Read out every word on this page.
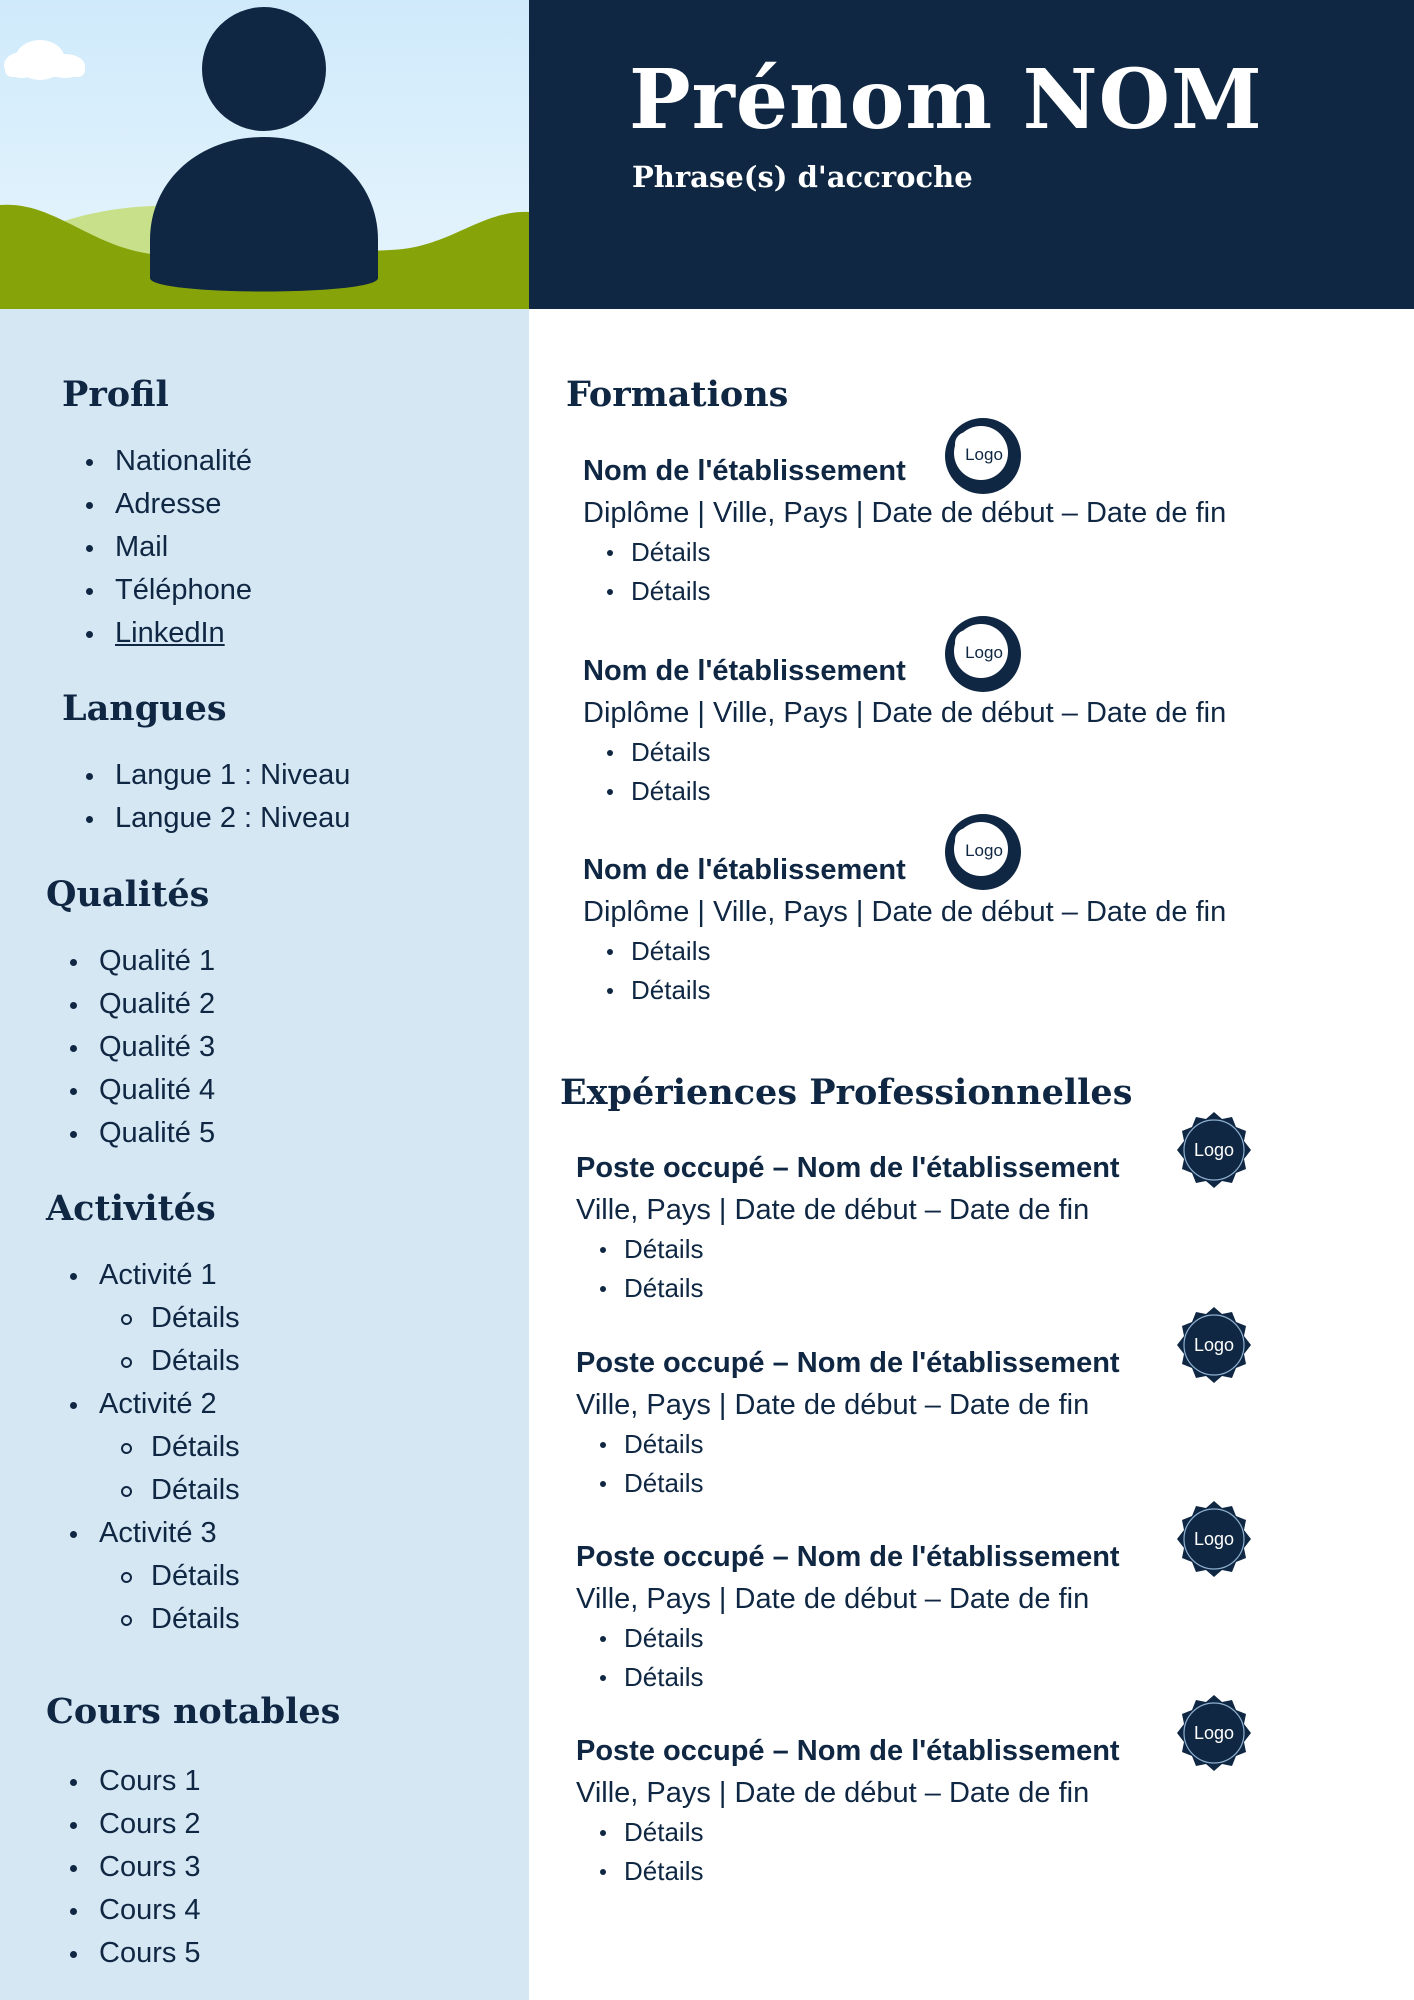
Prénom NOM

Phrase(s) d'accroche

Profil
Nationalité
Adresse
Mail
Téléphone
LinkedIn
Langues
Langue 1 : Niveau
Langue 2 : Niveau
Qualités
Qualité 1
Qualité 2
Qualité 3
Qualité 4
Qualité 5
Activités
Activité 1
Détails
Détails
Activité 2
Détails
Détails
Activité 3
Détails
Détails
Cours notables
Cours 1
Cours 2
Cours 3
Cours 4
Cours 5
Formations

Nom de l'établissement

Diplôme | Ville, Pays | Date de début – Date de fin

Détails
Détails
Logo

Nom de l'établissement

Diplôme | Ville, Pays | Date de début – Date de fin

Détails
Détails
Logo

Nom de l'établissement

Diplôme | Ville, Pays | Date de début – Date de fin

Détails
Détails
Logo
Expériences Professionnelles

Poste occupé – Nom de l'établissement

Ville, Pays | Date de début – Date de fin

Détails
Détails
Logo

Poste occupé – Nom de l'établissement

Ville, Pays | Date de début – Date de fin

Détails
Détails
Logo

Poste occupé – Nom de l'établissement

Ville, Pays | Date de début – Date de fin

Détails
Détails
Logo

Poste occupé – Nom de l'établissement

Ville, Pays | Date de début – Date de fin

Détails
Détails
Logo
